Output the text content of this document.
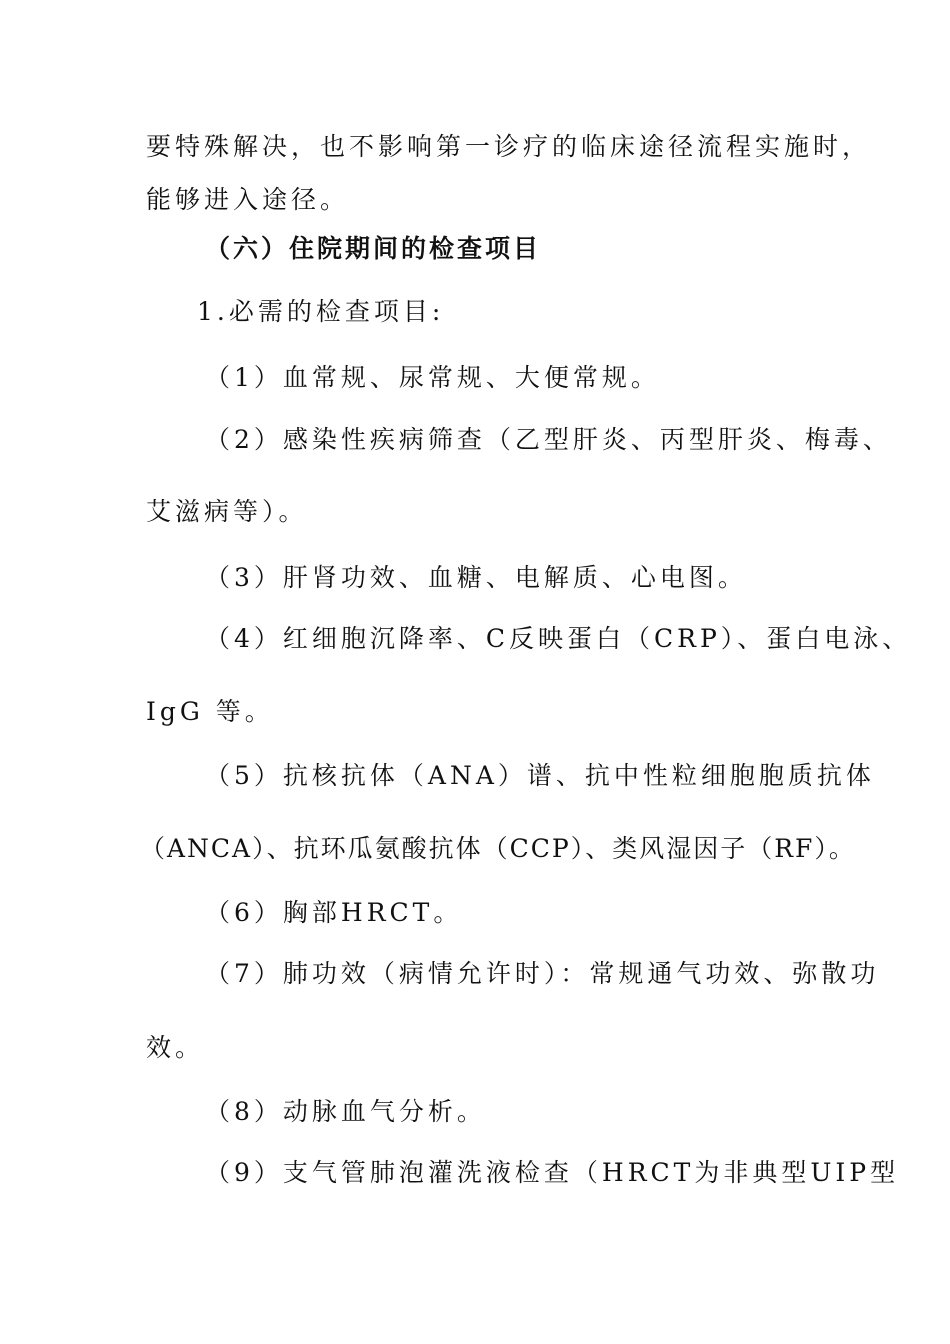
要特殊解决，也不影响第一诊疗的临床途径流程实施时，

能够进入途径。

（六）住院期间的检查项目

1.必需的检查项目:

（1）血常规、尿常规、大便常规。

（2）感染性疾病筛查（乙型肝炎、丙型肝炎、梅毒、

艾滋病等）。

（3）肝肾功效、血糖、电解质、心电图。

（4）红细胞沉降率、C反映蛋白（CRP）、蛋白电泳、

IgG 等。

（5）抗核抗体（ANA）谱、抗中性粒细胞胞质抗体

（ANCA）、抗环瓜氨酸抗体（CCP）、类风湿因子（RF）。

（6）胸部HRCT。

（7）肺功效（病情允许时）：常规通气功效、弥散功

效。

（8）动脉血气分析。

（9）支气管肺泡灌洗液检查（HRCT为非典型UIP型
